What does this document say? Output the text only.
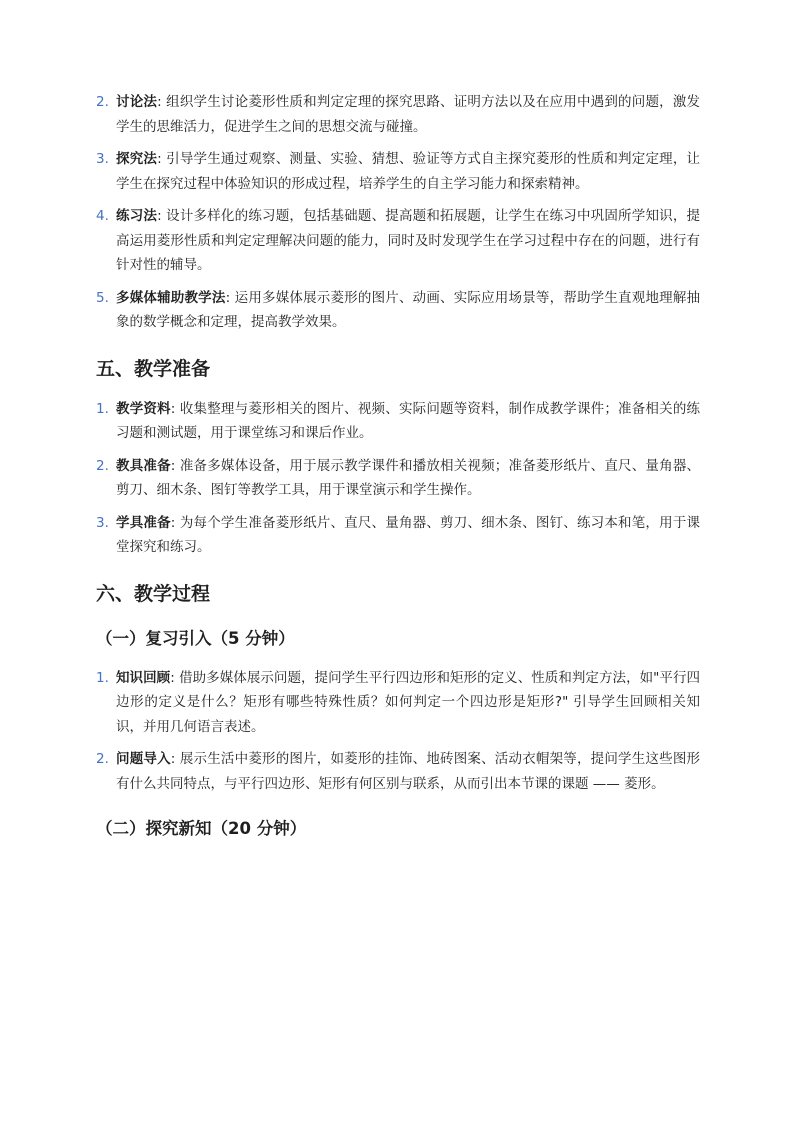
2. 讨论法: 组织学生讨论菱形性质和判定定理的探究思路、证明方法以及在应用中遇到的问题，激发学生的思维活力，促进学生之间的思想交流与碰撞。
3. 探究法: 引导学生通过观察、测量、实验、猜想、验证等方式自主探究菱形的性质和判定定理，让学生在探究过程中体验知识的形成过程，培养学生的自主学习能力和探索精神。
4. 练习法: 设计多样化的练习题，包括基础题、提高题和拓展题，让学生在练习中巩固所学知识，提高运用菱形性质和判定定理解决问题的能力，同时及时发现学生在学习过程中存在的问题，进行有针对性的辅导。
5. 多媒体辅助教学法: 运用多媒体展示菱形的图片、动画、实际应用场景等，帮助学生直观地理解抽象的数学概念和定理，提高教学效果。
五、教学准备
1. 教学资料: 收集整理与菱形相关的图片、视频、实际问题等资料，制作成教学课件；准备相关的练习题和测试题，用于课堂练习和课后作业。
2. 教具准备: 准备多媒体设备，用于展示教学课件和播放相关视频；准备菱形纸片、直尺、量角器、剪刀、细木条、图钉等教学工具，用于课堂演示和学生操作。
3. 学具准备: 为每个学生准备菱形纸片、直尺、量角器、剪刀、细木条、图钉、练习本和笔，用于课堂探究和练习。
六、教学过程
（一）复习引入（5 分钟）
1. 知识回顾: 借助多媒体展示问题，提问学生平行四边形和矩形的定义、性质和判定方法，如"平行四边形的定义是什么？矩形有哪些特殊性质？如何判定一个四边形是矩形?" 引导学生回顾相关知识，并用几何语言表述。
2. 问题导入: 展示生活中菱形的图片，如菱形的挂饰、地砖图案、活动衣帽架等，提问学生这些图形有什么共同特点，与平行四边形、矩形有何区别与联系，从而引出本节课的课题 —— 菱形。
（二）探究新知（20 分钟）
